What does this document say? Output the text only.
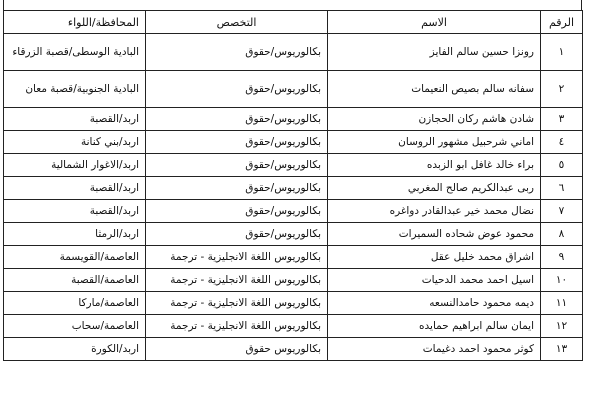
الرقم	الاسم	التخصص	المحافظة/اللواء
١	رونزا حسين سالم الفايز	بكالوريوس/حقوق	البادية الوسطى/قصبة الزرقاء
٢	سفانه سالم بصيص النعيمات	بكالوريوس/حقوق	البادية الجنوبية/قصبة معان
٣	شادن هاشم ركان الحجازن	بكالوريوس/حقوق	اربد/القصبة
٤	اماني شرحبيل مشهور الروسان	بكالوريوس/حقوق	اربد/بني كنانة
٥	براء خالد غافل ابو الزبده	بكالوريوس/حقوق	اربد/الاغوار الشمالية
٦	ربى عبدالكريم صالح المغربي	بكالوريوس/حقوق	اربد/القصبة
٧	نضال محمد خير عبدالقادر دواغره	بكالوريوس/حقوق	اربد/القصبة
٨	محمود عوض شحاده السميرات	بكالوريوس/حقوق	اربد/الرمثا
٩	اشراق محمد خليل عقل	بكالوريوس اللغة الانجليزية - ترجمة	العاصمة/القويسمة
١٠	اسيل احمد محمد الدحيات	بكالوريوس اللغة الانجليزية - ترجمة	العاصمة/القصبة
١١	ديمه محمود حامدالنسعه	بكالوريوس اللغة الانجليزية - ترجمة	العاصمة/ماركا
١٢	ايمان سالم ابراهيم حمايده	بكالوريوس اللغة الانجليزية - ترجمة	العاصمة/سحاب
١٣	كوثر محمود احمد دغيمات	بكالوريوس حقوق	اربد/الكورة
